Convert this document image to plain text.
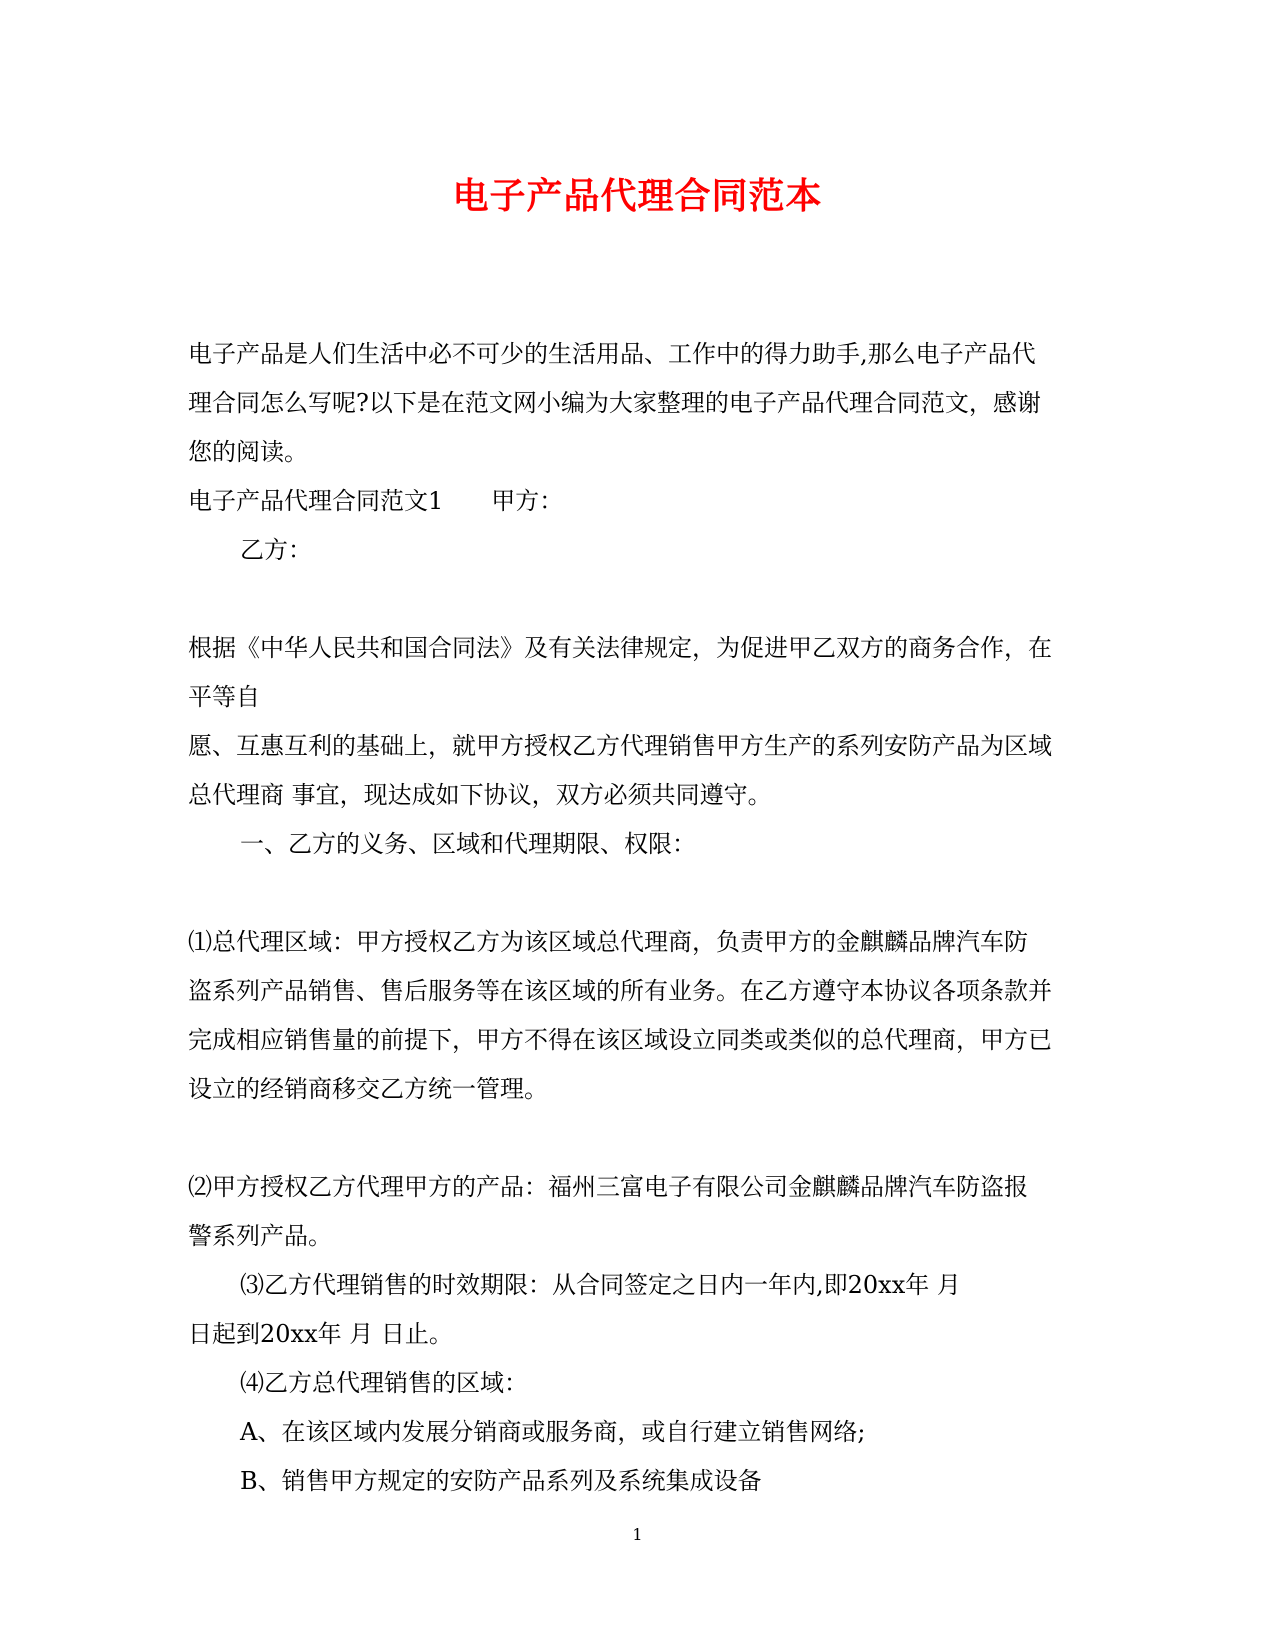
电子产品代理合同范本
电子产品是人们生活中必不可少的生活用品、工作中的得力助手,那么电子产品代
理合同怎么写呢?以下是在范文网小编为大家整理的电子产品代理合同范文，感谢
您的阅读。
电子产品代理合同范文1 甲方：
乙方：
根据《中华人民共和国合同法》及有关法律规定，为促进甲乙双方的商务合作，在
平等自
愿、互惠互利的基础上，就甲方授权乙方代理销售甲方生产的系列安防产品为区域
总代理商 事宜，现达成如下协议，双方必须共同遵守。
一、乙方的义务、区域和代理期限、权限：
⑴总代理区域：甲方授权乙方为该区域总代理商，负责甲方的金麒麟品牌汽车防
盗系列产品销售、售后服务等在该区域的所有业务。在乙方遵守本协议各项条款并
完成相应销售量的前提下，甲方不得在该区域设立同类或类似的总代理商，甲方已
设立的经销商移交乙方统一管理。
⑵甲方授权乙方代理甲方的产品：福州三富电子有限公司金麒麟品牌汽车防盗报
警系列产品。
⑶乙方代理销售的时效期限：从合同签定之日内一年内,即20xx年 月
日起到20xx年 月 日止。
⑷乙方总代理销售的区域：
A、在该区域内发展分销商或服务商，或自行建立销售网络;
B、销售甲方规定的安防产品系列及系统集成设备
1
